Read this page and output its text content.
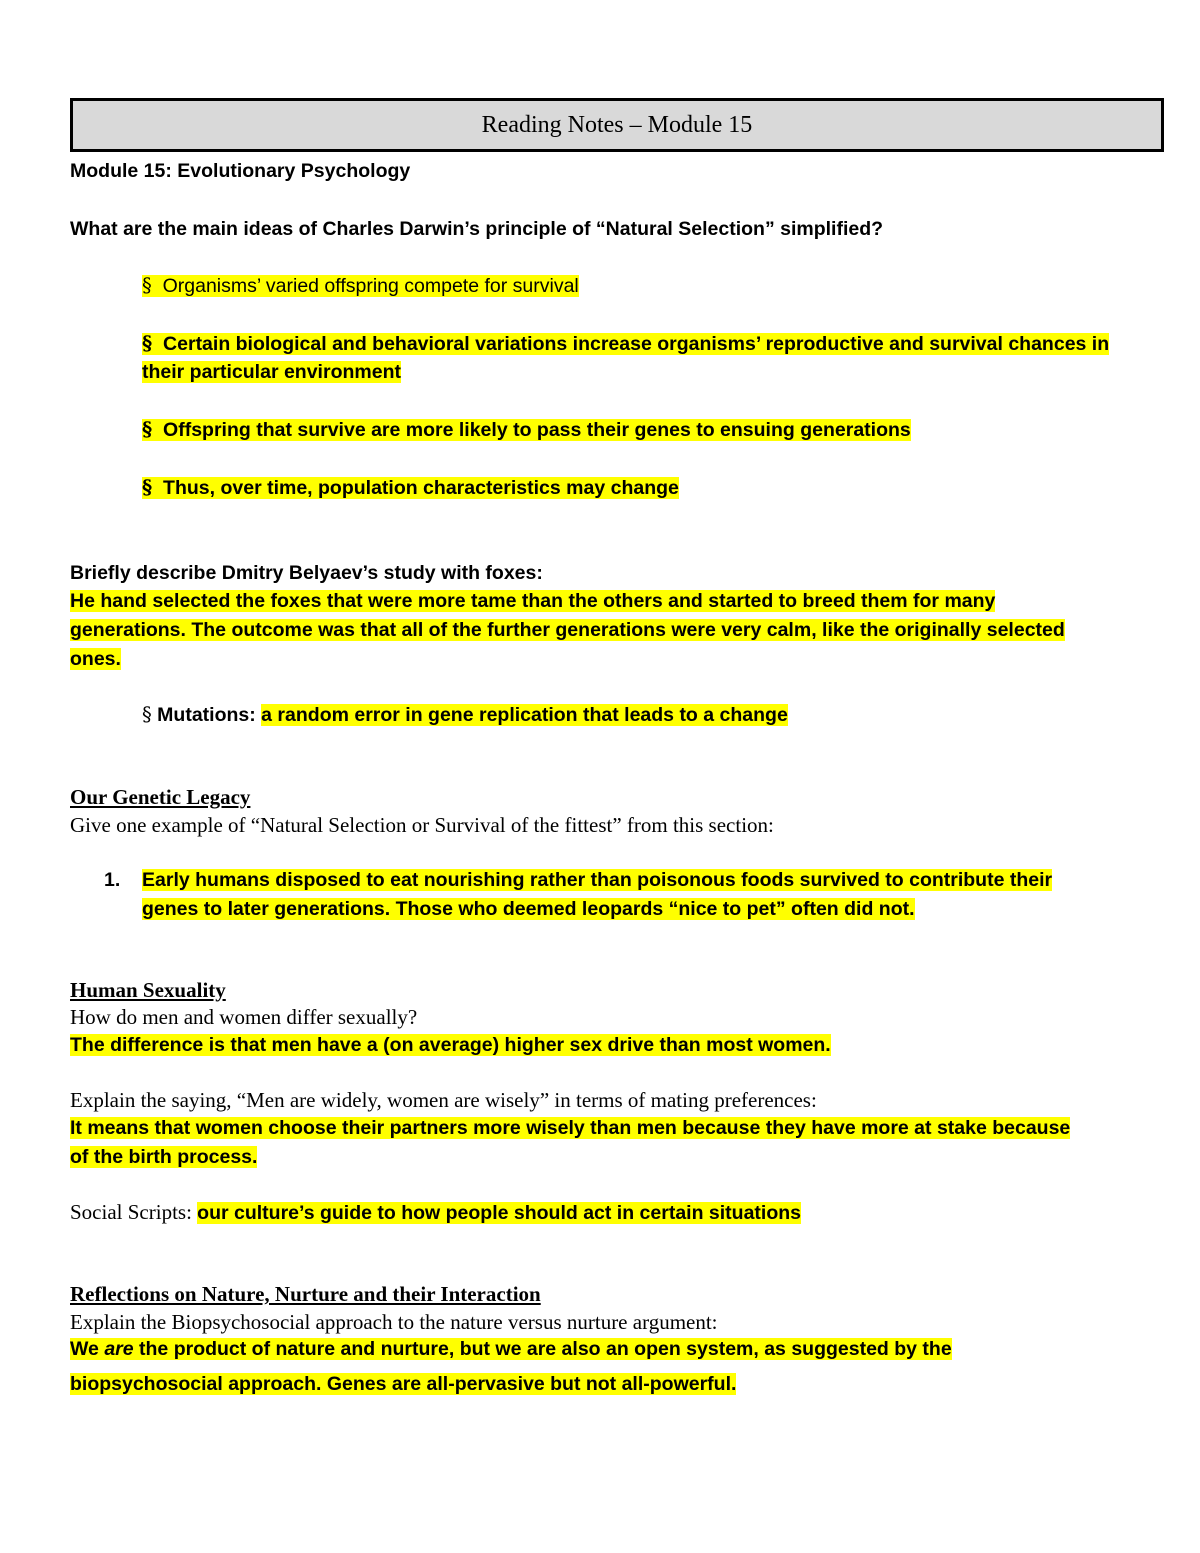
Reading Notes – Module 15
Module 15: Evolutionary Psychology
What are the main ideas of Charles Darwin’s principle of “Natural Selection” simplified?
§ Organisms’ varied offspring compete for survival
§ Certain biological and behavioral variations increase organisms’ reproductive and survival chances in
their particular environment
§ Offspring that survive are more likely to pass their genes to ensuing generations
§ Thus, over time, population characteristics may change
Briefly describe Dmitry Belyaev’s study with foxes:
He hand selected the foxes that were more tame than the others and started to breed them for many
generations. The outcome was that all of the further generations were very calm, like the originally selected
ones.
§ Mutations: a random error in gene replication that leads to a change
Our Genetic Legacy
Give one example of “Natural Selection or Survival of the fittest” from this section:
1. Early humans disposed to eat nourishing rather than poisonous foods survived to contribute their
genes to later generations. Those who deemed leopards “nice to pet” often did not.
Human Sexuality
How do men and women differ sexually?
The difference is that men have a (on average) higher sex drive than most women.
Explain the saying, “Men are widely, women are wisely” in terms of mating preferences:
It means that women choose their partners more wisely than men because they have more at stake because
of the birth process.
Social Scripts: our culture’s guide to how people should act in certain situations
Reflections on Nature, Nurture and their Interaction
Explain the Biopsychosocial approach to the nature versus nurture argument:
We are the product of nature and nurture, but we are also an open system, as suggested by the
biopsychosocial approach. Genes are all-pervasive but not all-powerful.
